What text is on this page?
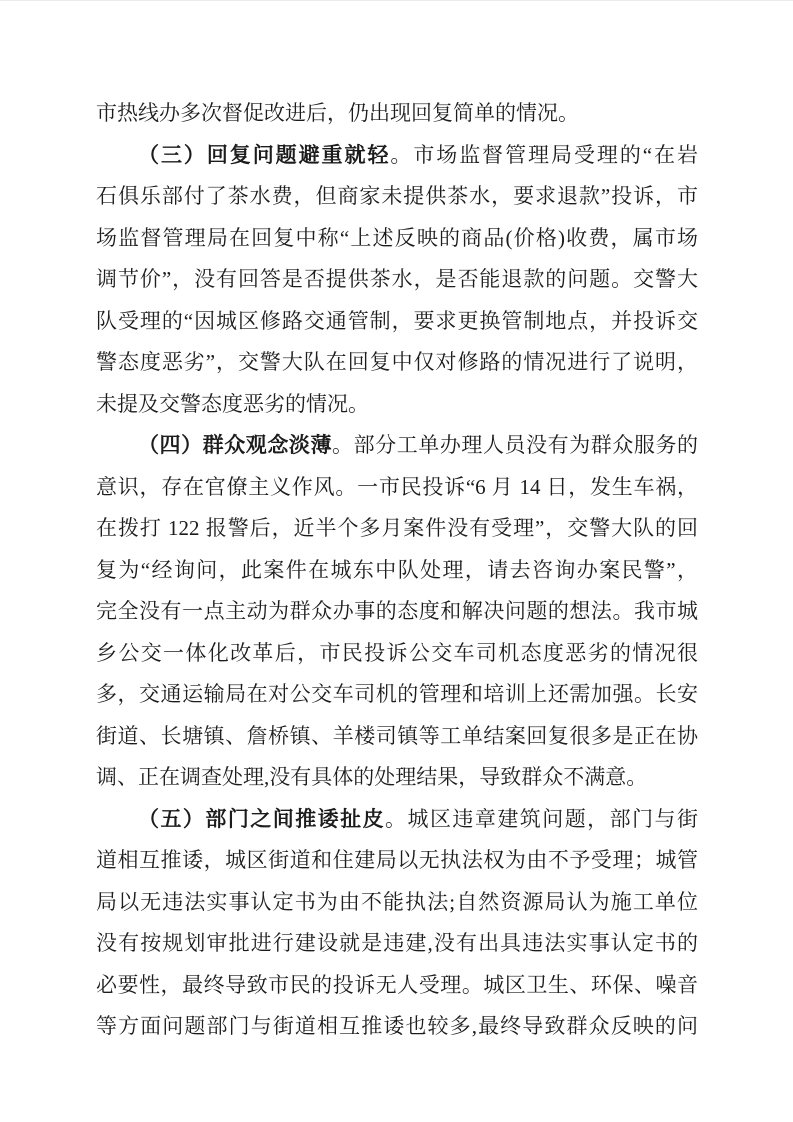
市热线办多次督促改进后，仍出现回复简单的情况。
（三）回复问题避重就轻。市场监督管理局受理的“在岩
石俱乐部付了茶水费，但商家未提供茶水，要求退款”投诉，市
场监督管理局在回复中称“上述反映的商品(价格)收费，属市场
调节价”，没有回答是否提供茶水，是否能退款的问题。交警大
队受理的“因城区修路交通管制，要求更换管制地点，并投诉交
警态度恶劣”，交警大队在回复中仅对修路的情况进行了说明，
未提及交警态度恶劣的情况。
（四）群众观念淡薄。部分工单办理人员没有为群众服务的
意识，存在官僚主义作风。一市民投诉“6 月 14 日，发生车祸，
在拨打 122 报警后，近半个多月案件没有受理”，交警大队的回
复为“经询问，此案件在城东中队处理，请去咨询办案民警”，
完全没有一点主动为群众办事的态度和解决问题的想法。我市城
乡公交一体化改革后，市民投诉公交车司机态度恶劣的情况很
多，交通运输局在对公交车司机的管理和培训上还需加强。长安
街道、长塘镇、詹桥镇、羊楼司镇等工单结案回复很多是正在协
调、正在调查处理,没有具体的处理结果，导致群众不满意。
（五）部门之间推诿扯皮。城区违章建筑问题，部门与街
道相互推诿，城区街道和住建局以无执法权为由不予受理；城管
局以无违法实事认定书为由不能执法;自然资源局认为施工单位
没有按规划审批进行建设就是违建,没有出具违法实事认定书的
必要性，最终导致市民的投诉无人受理。城区卫生、环保、噪音
等方面问题部门与街道相互推诿也较多,最终导致群众反映的问
